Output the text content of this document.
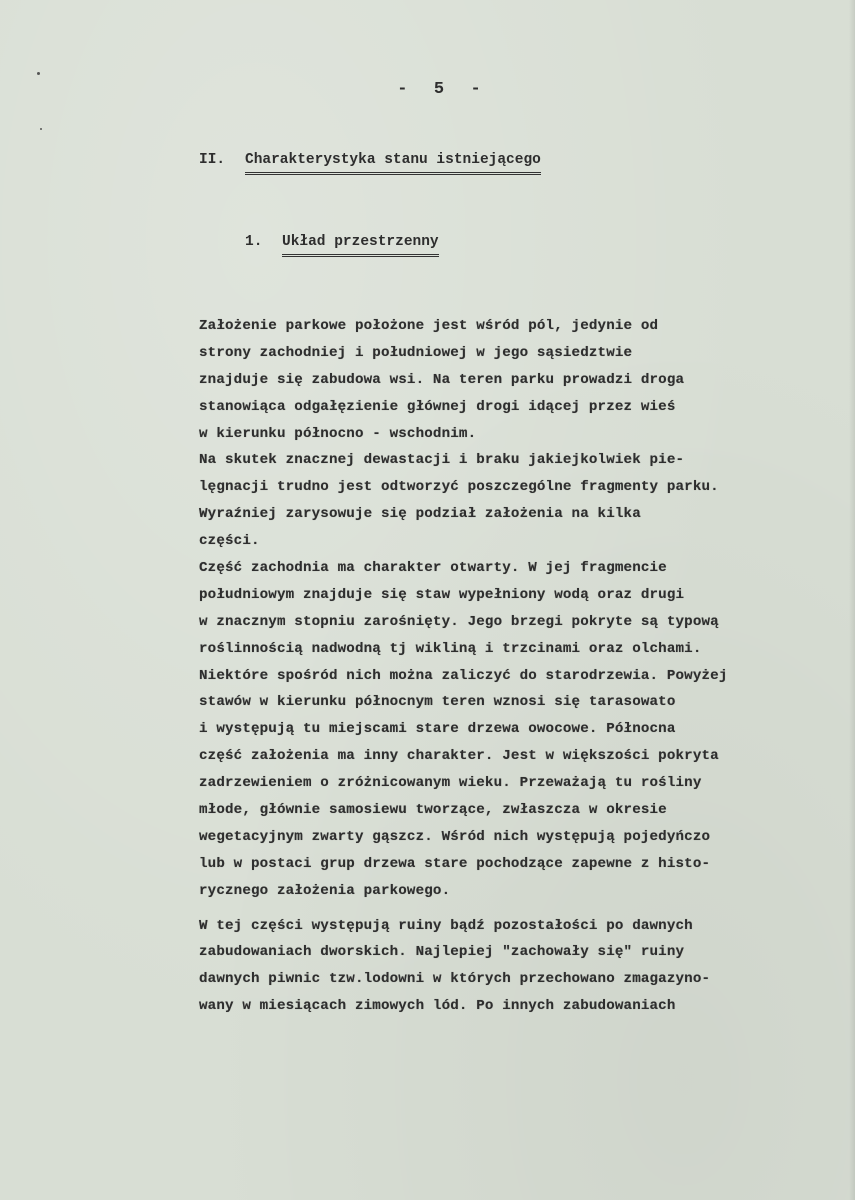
-  5  -
II. Charakterystyka stanu istniejącego
1. Układ przestrzenny
Założenie parkowe położone jest wśród pól, jedynie od
strony zachodniej i południowej w jego sąsiedztwie
znajduje się zabudowa wsi. Na teren parku prowadzi droga
stanowiąca odgałęzienie głównej drogi idącej przez wieś
w kierunku północno - wschodnim.
Na skutek znacznej dewastacji i braku jakiejkolwiek pie-
lęgnacji trudno jest odtworzyć poszczególne fragmenty parku.
Wyraźniej zarysowuje się podział założenia na kilka
części.
Część zachodnia ma charakter otwarty. W jej fragmencie
południowym znajduje się staw wypełniony wodą oraz drugi
w znacznym stopniu zarośnięty. Jego brzegi pokryte są typową
roślinnością nadwodną tj wikliną i trzcinami oraz olchami.
Niektóre spośród nich można zaliczyć do starodrzewia. Powyżej
stawów w kierunku północnym teren wznosi się tarasowato
i występują tu miejscami stare drzewa owocowe. Północna
część założenia ma inny charakter. Jest w większości pokryta
zadrzewieniem o zróżnicowanym wieku. Przeważają tu rośliny
młode, głównie samosiewu tworzące, zwłaszcza w okresie
wegetacyjnym zwarty gąszcz. Wśród nich występują pojedyńczo
lub w postaci grup drzewa stare pochodzące zapewne z histo-
rycznego założenia parkowego.
W tej części występują ruiny bądź pozostałości po dawnych
zabudowaniach dworskich. Najlepiej "zachowały się" ruiny
dawnych piwnic tzw.lodowni w których przechowano zmagazyno-
wany w miesiącach zimowych lód. Po innych zabudowaniach
